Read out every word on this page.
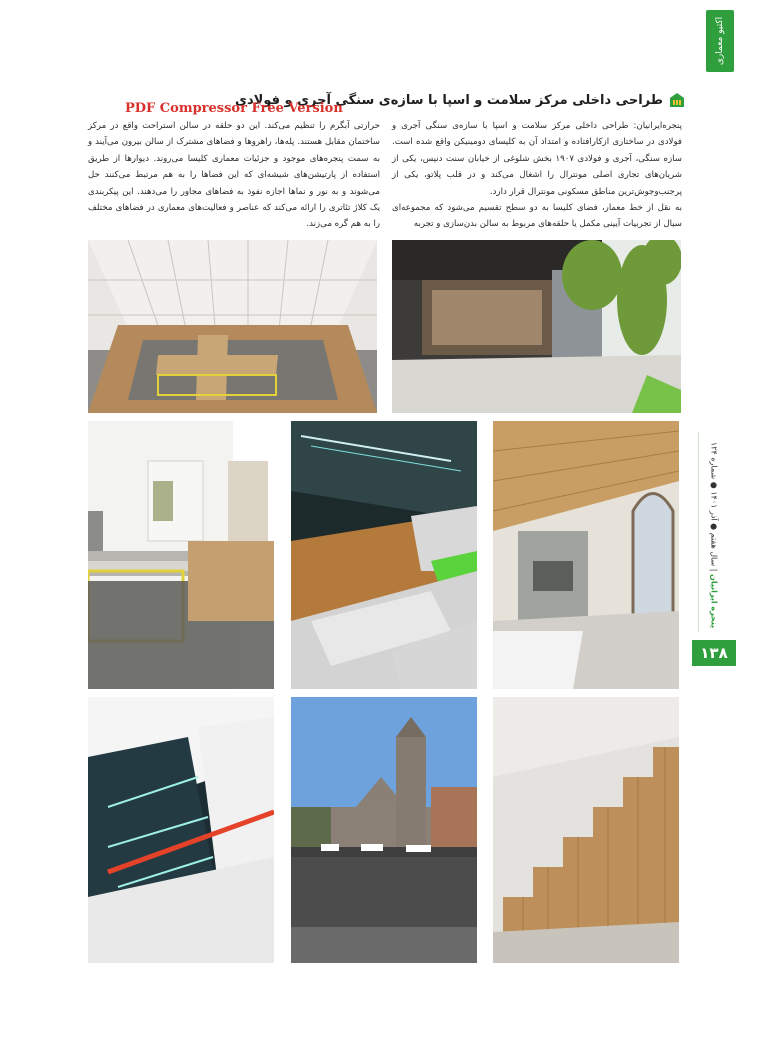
اکتیو معماری
طراحی داخلی مرکز سلامت و اسپا با سازه‌ی سنگی آجری و فولادی
PDF Compressor Free Version

پنجره‌ایرانیان: طراحی داخلی مرکز سلامت و اسپا با سازه‌ی سنگی آجری و فولادی در ساختاری ازکارافتاده و امتداد آن به کلیسای دومینیکن واقع شده است. سازه سنگی، آجری و فولادی ۱۹۰۷ بخش شلوغی از خیابان سنت دنیس، یکی از شریان‌های تجاری اصلی مونترال را اشغال می‌کند و در قلب پلاتو، یکی از پرجنب‌وجوش‌ترین مناطق مسکونی مونترال قرار دارد.

به نقل از خط معمار، فضای کلیسا به دو سطح تقسیم می‌شود که مجموعه‌ای سیال از تجربیات آیینی مکمل یا حلقه‌های مربوط به سالن بدن‌سازی و تجربه

حرارتی آبگرم را تنظیم می‌کند. این دو حلقه در سالن استراحت واقع در مرکز ساختمان مقابل هستند. پله‌ها، راهروها و فضاهای مشترک از سالن بیرون می‌آیند و به سمت پنجره‌های موجود و جزئیات معماری کلیسا می‌روند. دیوارها از طریق استفاده از پارتیشن‌های شیشه‌ای که این فضاها را به هم مرتبط می‌کنند حل می‌شوند و به نور و نماها اجازه نفوذ به فضاهای مجاور را می‌دهند. این پیکربندی یک کلاژ تئاتری را ارائه می‌کند که عناصر و فعالیت‌های معماری در فضاهای مختلف را به هم گره می‌زند.

پنجره ایرانیان | سال هفتم ● آذر ۱۴۰۱ ● شماره ۱۲۴
۱۳۸
